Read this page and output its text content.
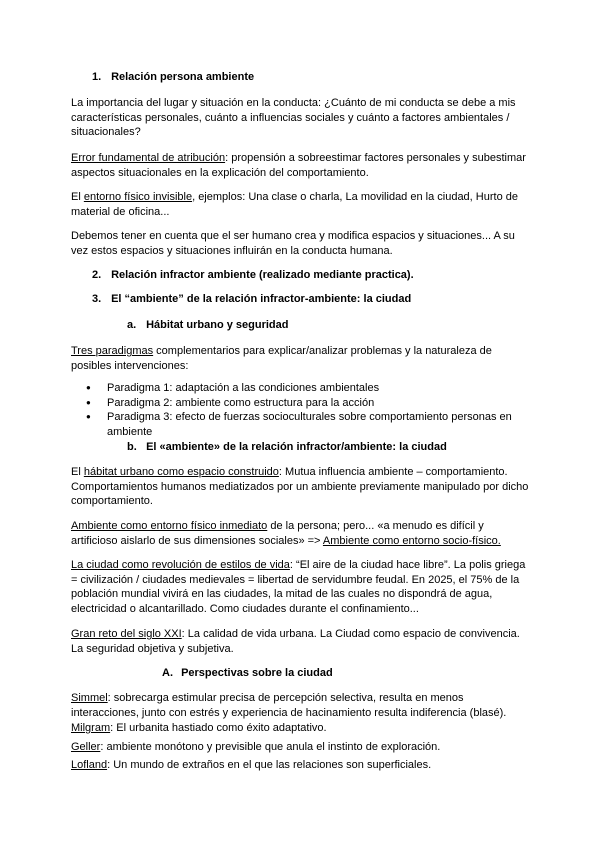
1. Relación persona ambiente

La importancia del lugar y situación en la conducta: ¿Cuánto de mi conducta se debe a mis características personales, cuánto a influencias sociales y cuánto a factores ambientales / situacionales?

Error fundamental de atribución: propensión a sobreestimar factores personales y subestimar aspectos situacionales en la explicación del comportamiento.

El entorno físico invisible, ejemplos: Una clase o charla, La movilidad en la ciudad, Hurto de material de oficina...

Debemos tener en cuenta que el ser humano crea y modifica espacios y situaciones... A su vez estos espacios y situaciones influirán en la conducta humana.

2. Relación infractor ambiente (realizado mediante practica).
3. El “ambiente” de la relación infractor-ambiente: la ciudad
a. Hábitat urbano y seguridad

Tres paradigmas complementarios para explicar/analizar problemas y la naturaleza de posibles intervenciones:

● Paradigma 1: adaptación a las condiciones ambientales
● Paradigma 2: ambiente como estructura para la acción
● Paradigma 3: efecto de fuerzas socioculturales sobre comportamiento personas en ambiente
b. El «ambiente» de la relación infractor/ambiente: la ciudad

El hábitat urbano como espacio construido: Mutua influencia ambiente – comportamiento. Comportamientos humanos mediatizados por un ambiente previamente manipulado por dicho comportamiento.

Ambiente como entorno físico inmediato de la persona; pero... «a menudo es difícil y artificioso aislarlo de sus dimensiones sociales» => Ambiente como entorno socio-físico.

La ciudad como revolución de estilos de vida: “El aire de la ciudad hace libre”. La polis griega = civilización / ciudades medievales = libertad de servidumbre feudal. En 2025, el 75% de la población mundial vivirá en las ciudades, la mitad de las cuales no dispondrá de agua, electricidad o alcantarillado. Como ciudades durante el confinamiento...

Gran reto del siglo XXI: La calidad de vida urbana. La Ciudad como espacio de convivencia. La seguridad objetiva y subjetiva.

A. Perspectivas sobre la ciudad

Simmel: sobrecarga estimular precisa de percepción selectiva, resulta en menos interacciones, junto con estrés y experiencia de hacinamiento resulta indiferencia (blasé).

Milgram: El urbanita hastiado como éxito adaptativo.

Geller: ambiente monótono y previsible que anula el instinto de exploración.

Lofland: Un mundo de extraños en el que las relaciones son superficiales.
